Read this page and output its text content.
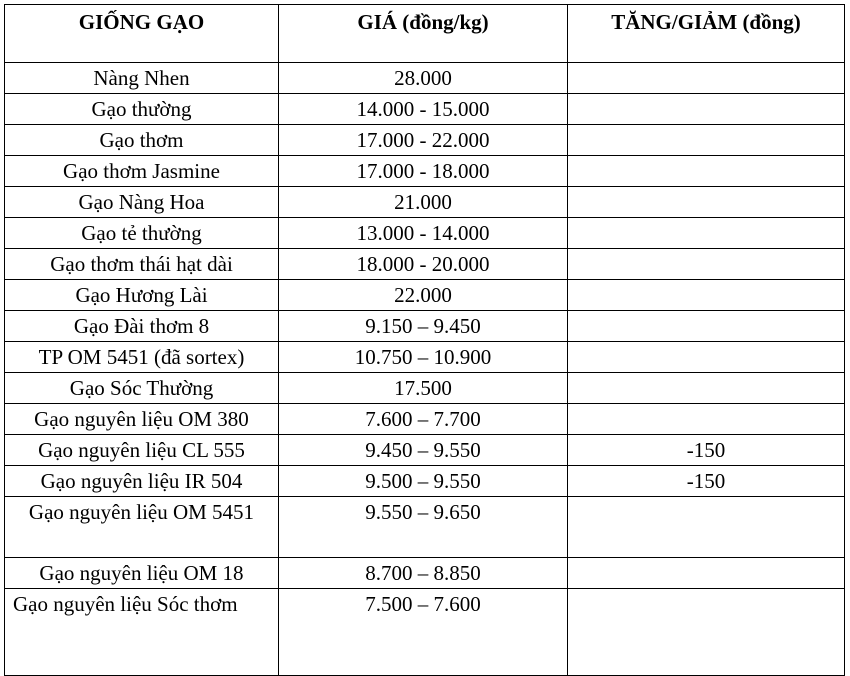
GIỐNG GẠO	GIÁ (đồng/kg)	TĂNG/GIẢM (đồng)
Nàng Nhen	28.000	
Gạo thường	14.000 - 15.000	
Gạo thơm	17.000 - 22.000	
Gạo thơm Jasmine	17.000 - 18.000	
Gạo Nàng Hoa	21.000	
Gạo tẻ thường	13.000 - 14.000	
Gạo thơm thái hạt dài	18.000 - 20.000	
Gạo Hương Lài	22.000	
Gạo Đài thơm 8	9.150 – 9.450	
TP OM 5451 (đã sortex)	10.750 – 10.900	
Gạo Sóc Thường	17.500	
Gạo nguyên liệu OM 380	7.600 – 7.700	
Gạo nguyên liệu CL 555	9.450 – 9.550	-150
Gạo nguyên liệu IR 504	9.500 – 9.550	-150
Gạo nguyên liệu OM 5451	9.550 – 9.650	
Gạo nguyên liệu OM 18	8.700 – 8.850	
Gạo nguyên liệu Sóc thơm	7.500 – 7.600	
